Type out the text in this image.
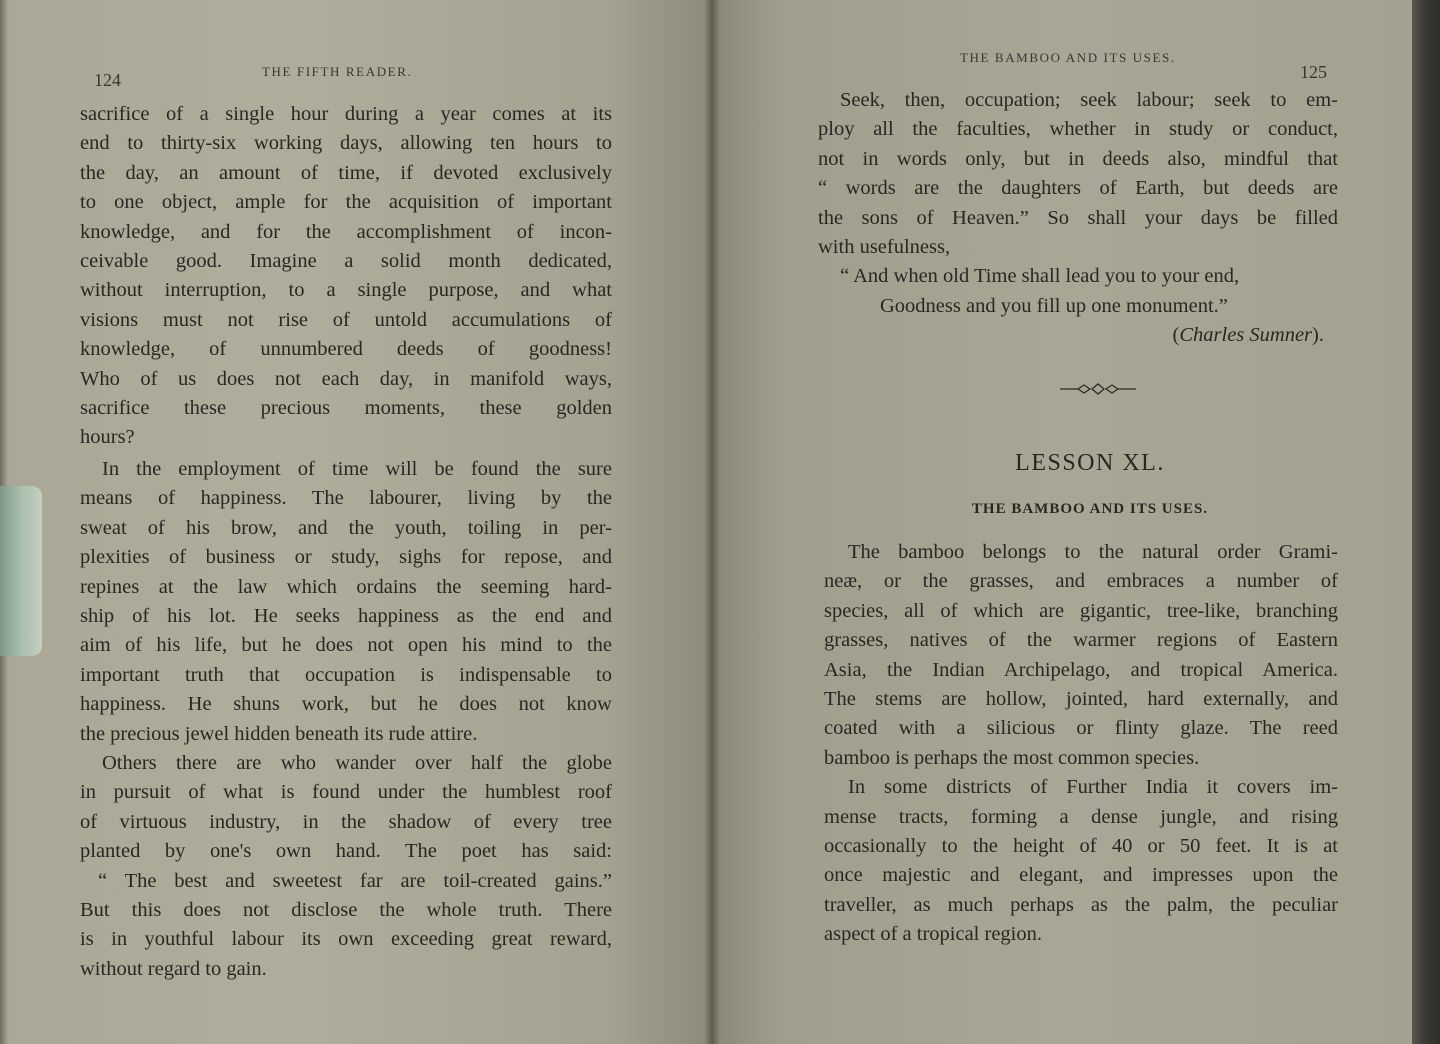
124	THE FIFTH READER.
sacrifice of a single hour during a year comes at its
end to thirty-six working days, allowing ten hours to
the day, an amount of time, if devoted exclusively
to one object, ample for the acquisition of important
knowledge, and for the accomplishment of incon-
ceivable good. Imagine a solid month dedicated,
without interruption, to a single purpose, and what
visions must not rise of untold accumulations of
knowledge, of unnumbered deeds of goodness!
Who of us does not each day, in manifold ways,
sacrifice these precious moments, these golden
hours?
In the employment of time will be found the sure
means of happiness. The labourer, living by the
sweat of his brow, and the youth, toiling in per-
plexities of business or study, sighs for repose, and
repines at the law which ordains the seeming hard-
ship of his lot. He seeks happiness as the end and
aim of his life, but he does not open his mind to the
important truth that occupation is indispensable to
happiness. He shuns work, but he does not know
the precious jewel hidden beneath its rude attire.
Others there are who wander over half the globe
in pursuit of what is found under the humblest roof
of virtuous industry, in the shadow of every tree
planted by one's own hand. The poet has said:
“ The best and sweetest far are toil-created gains.”
But this does not disclose the whole truth. There
is in youthful labour its own exceeding great reward,
without regard to gain.
THE BAMBOO AND ITS USES.
125
Seek, then, occupation; seek labour; seek to em-
ploy all the faculties, whether in study or conduct,
not in words only, but in deeds also, mindful that
“ words are the daughters of Earth, but deeds are
the sons of Heaven.” So shall your days be filled
with usefulness,
“ And when old Time shall lead you to your end,
Goodness and you fill up one monument.”
(Charles Sumner).
LESSON XL.
THE BAMBOO AND ITS USES.
The bamboo belongs to the natural order Grami-
neæ, or the grasses, and embraces a number of
species, all of which are gigantic, tree-like, branching
grasses, natives of the warmer regions of Eastern
Asia, the Indian Archipelago, and tropical America.
The stems are hollow, jointed, hard externally, and
coated with a silicious or flinty glaze. The reed
bamboo is perhaps the most common species.
In some districts of Further India it covers im-
mense tracts, forming a dense jungle, and rising
occasionally to the height of 40 or 50 feet. It is at
once majestic and elegant, and impresses upon the
traveller, as much perhaps as the palm, the peculiar
aspect of a tropical region.
